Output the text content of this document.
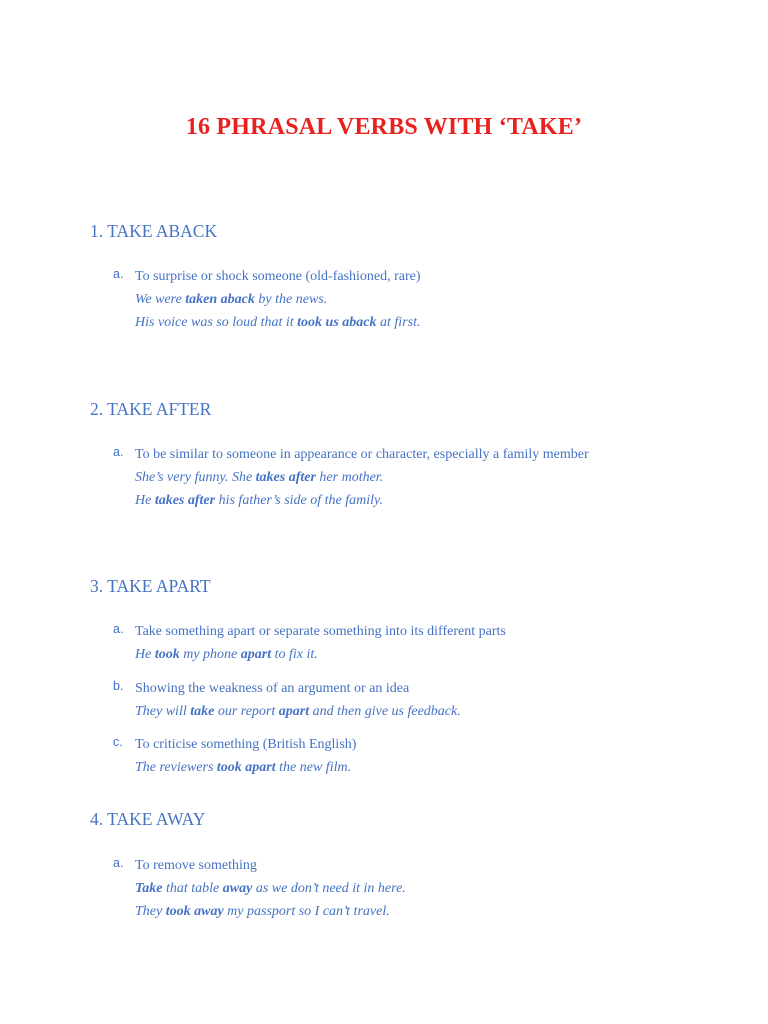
16 PHRASAL VERBS WITH ‘TAKE’
1. TAKE ABACK
a. To surprise or shock someone (old-fashioned, rare)
We were taken aback by the news.
His voice was so loud that it took us aback at first.
2. TAKE AFTER
a. To be similar to someone in appearance or character, especially a family member
She’s very funny. She takes after her mother.
He takes after his father’s side of the family.
3. TAKE APART
a. Take something apart or separate something into its different parts
He took my phone apart to fix it.
b. Showing the weakness of an argument or an idea
They will take our report apart and then give us feedback.
c. To criticise something (British English)
The reviewers took apart the new film.
4. TAKE AWAY
a. To remove something
Take that table away as we don’t need it in here.
They took away my passport so I can’t travel.
